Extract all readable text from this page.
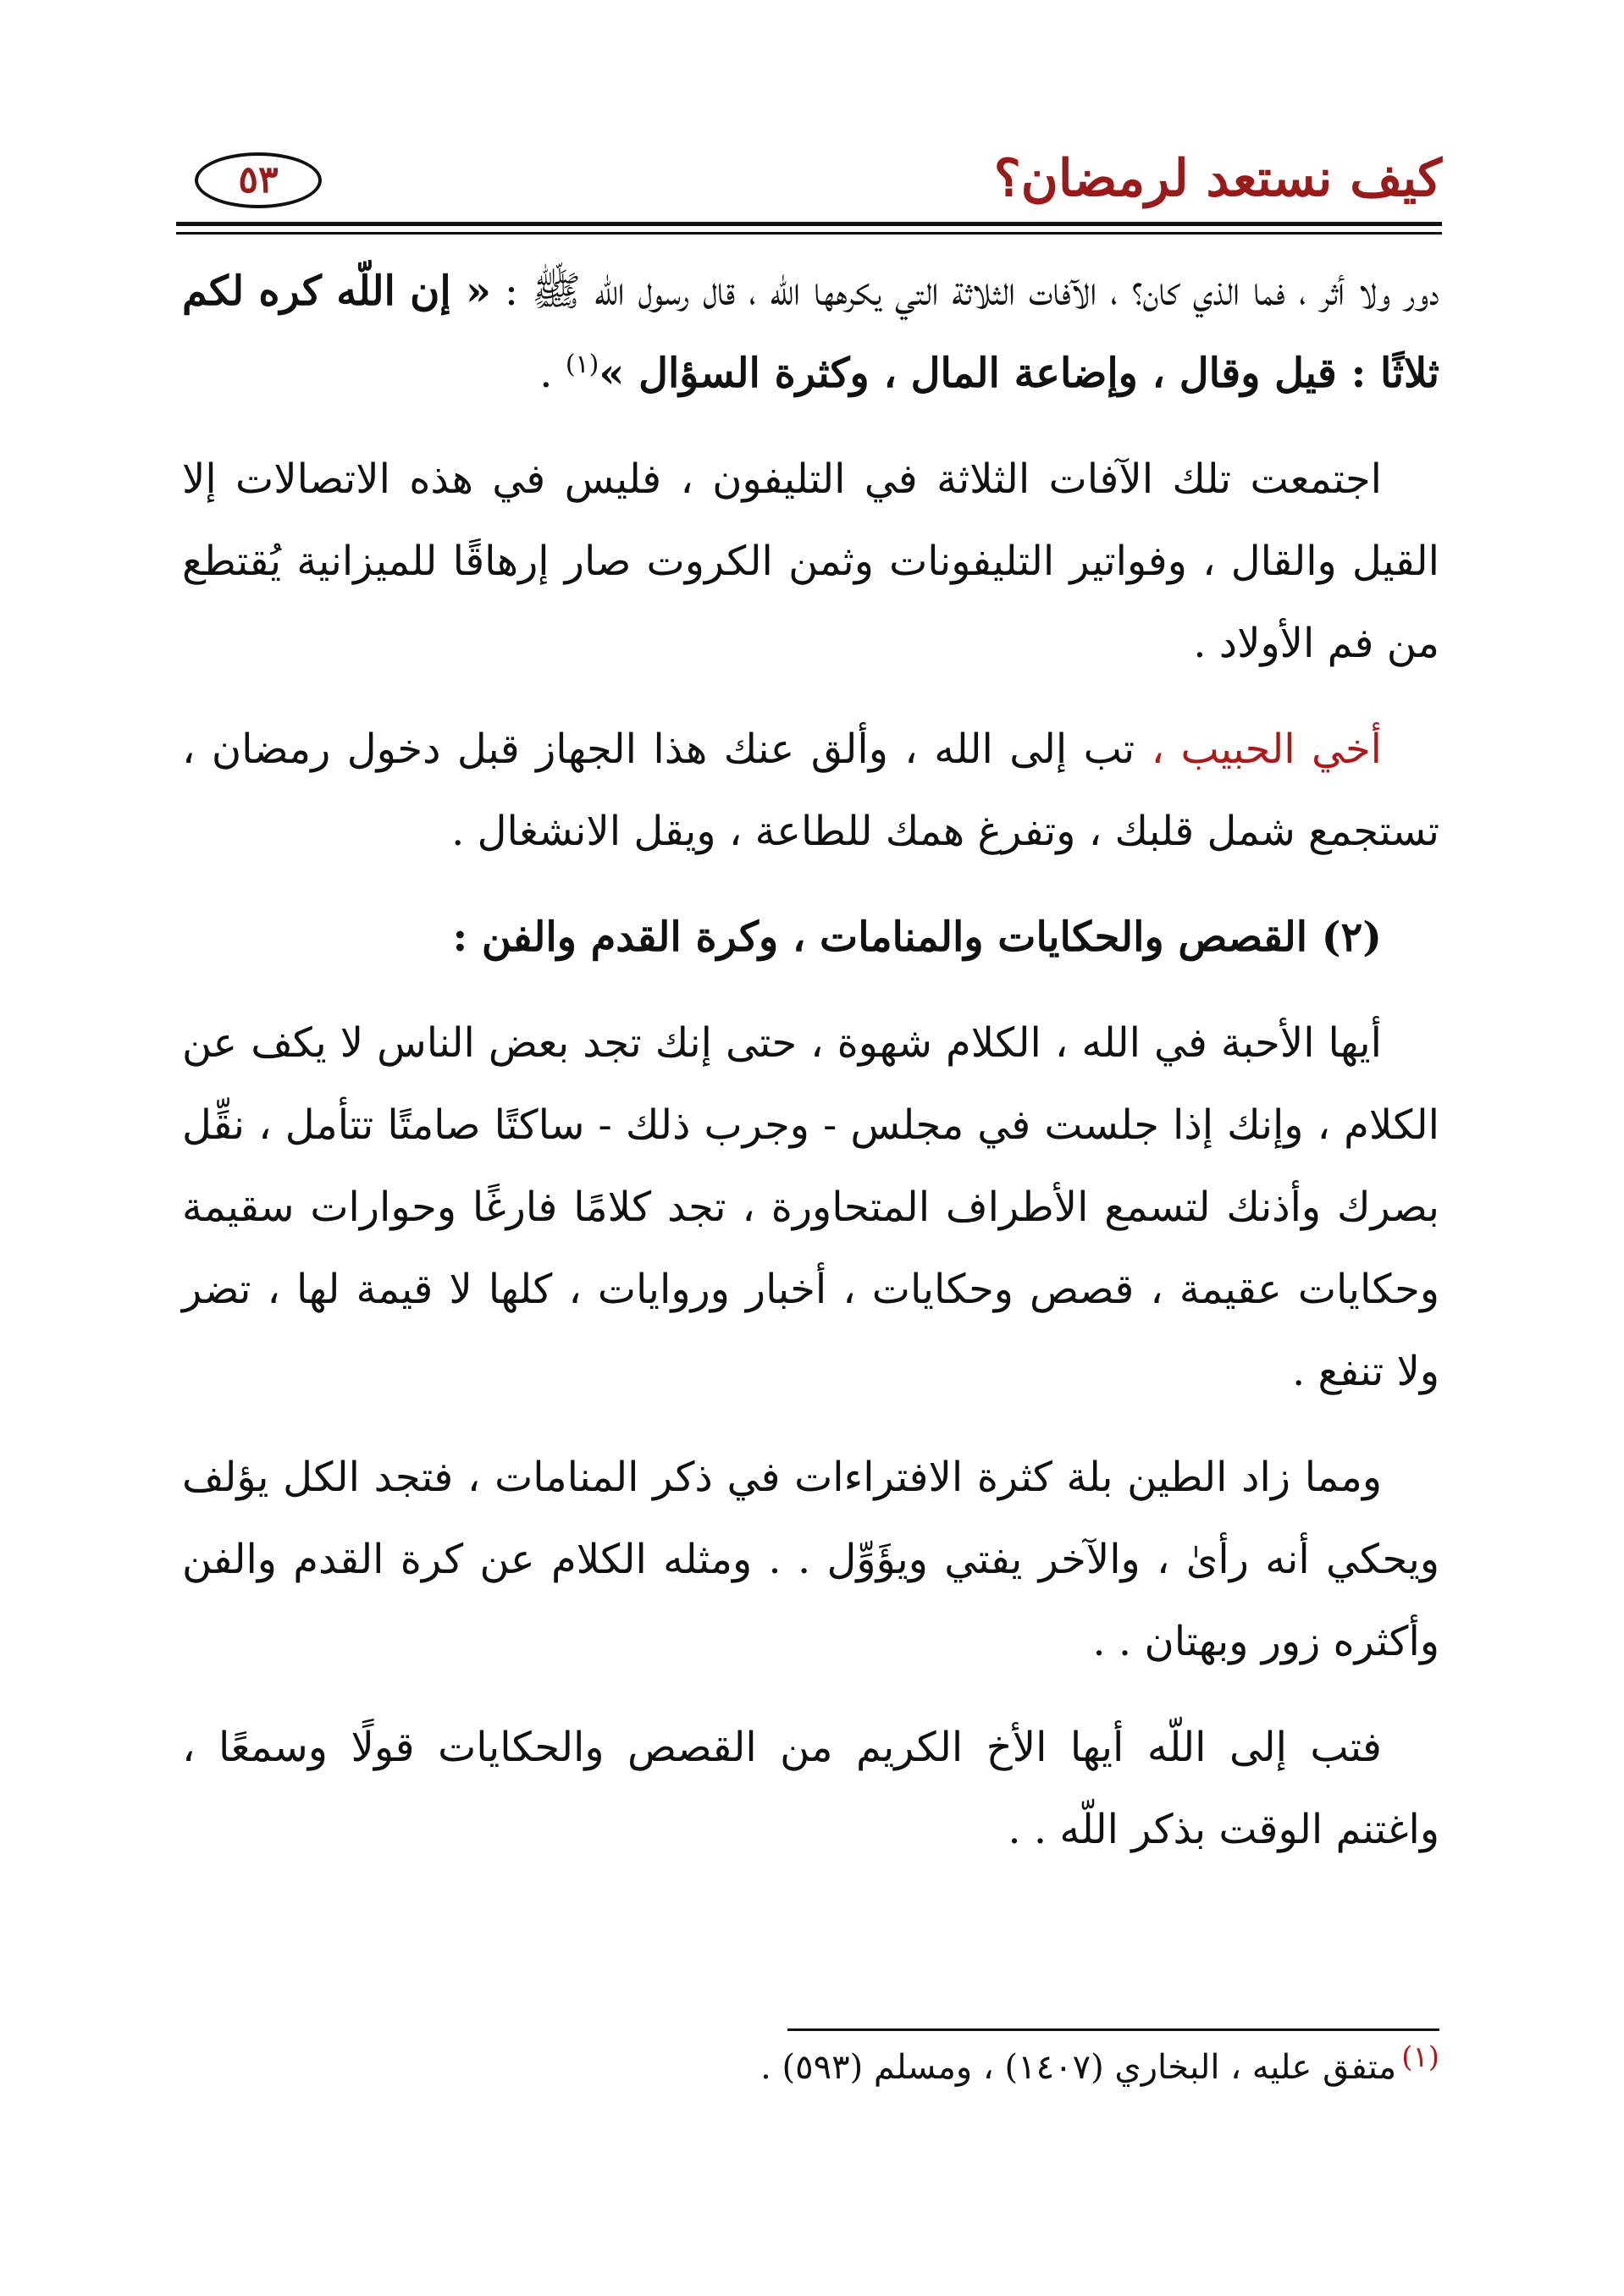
كيف نستعد لرمضان؟
٥٣

دور ولا أثر ، فما الذي كان؟ ، الآفات الثلاثة التي يكرهها اللّه ، قال رسول الله ﷺ : « إن اللّه كره لكم ثلاثًا : قيل وقال ، وإضاعة المال ، وكثرة السؤال »$^{(١)}$ .

اجتمعت تلك الآفات الثلاثة في التليفون ، فليس في هذه الاتصالات إلا القيل والقال ، وفواتير التليفونات وثمن الكروت صار إرهاقًا للميزانية يُقتطع من فم الأولاد .

أخي الحبيب ، تب إلى الله ، وألق عنك هذا الجهاز قبل دخول رمضان ، تستجمع شمل قلبك ، وتفرغ همك للطاعة ، ويقل الانشغال .

(٢) القصص والحكايات والمنامات ، وكرة القدم والفن :

أيها الأحبة في الله ، الكلام شهوة ، حتى إنك تجد بعض الناس لا يكف عن الكلام ، وإنك إذا جلست في مجلس - وجرب ذلك - ساكتًا صامتًا تتأمل ، نقِّل بصرك وأذنك لتسمع الأطراف المتحاورة ، تجد كلامًا فارغًا وحوارات سقيمة وحكايات عقيمة ، قصص وحكايات ، أخبار وروايات ، كلها لا قيمة لها ، تضر ولا تنفع .

ومما زاد الطين بلة كثرة الافتراءات في ذكر المنامات ، فتجد الكل يؤلف ويحكي أنه رأىٰ ، والآخر يفتي ويؤَوِّل . . ومثله الكلام عن كرة القدم والفن وأكثره زور وبهتان . .

فتب إلى اللّه أيها الأخ الكريم من القصص والحكايات قولًا وسمعًا ، واغتنم الوقت بذكر اللّه . .

$^{(١)}$متفق عليه ، البخاري (١٤٠٧) ، ومسلم (٥٩٣) .
